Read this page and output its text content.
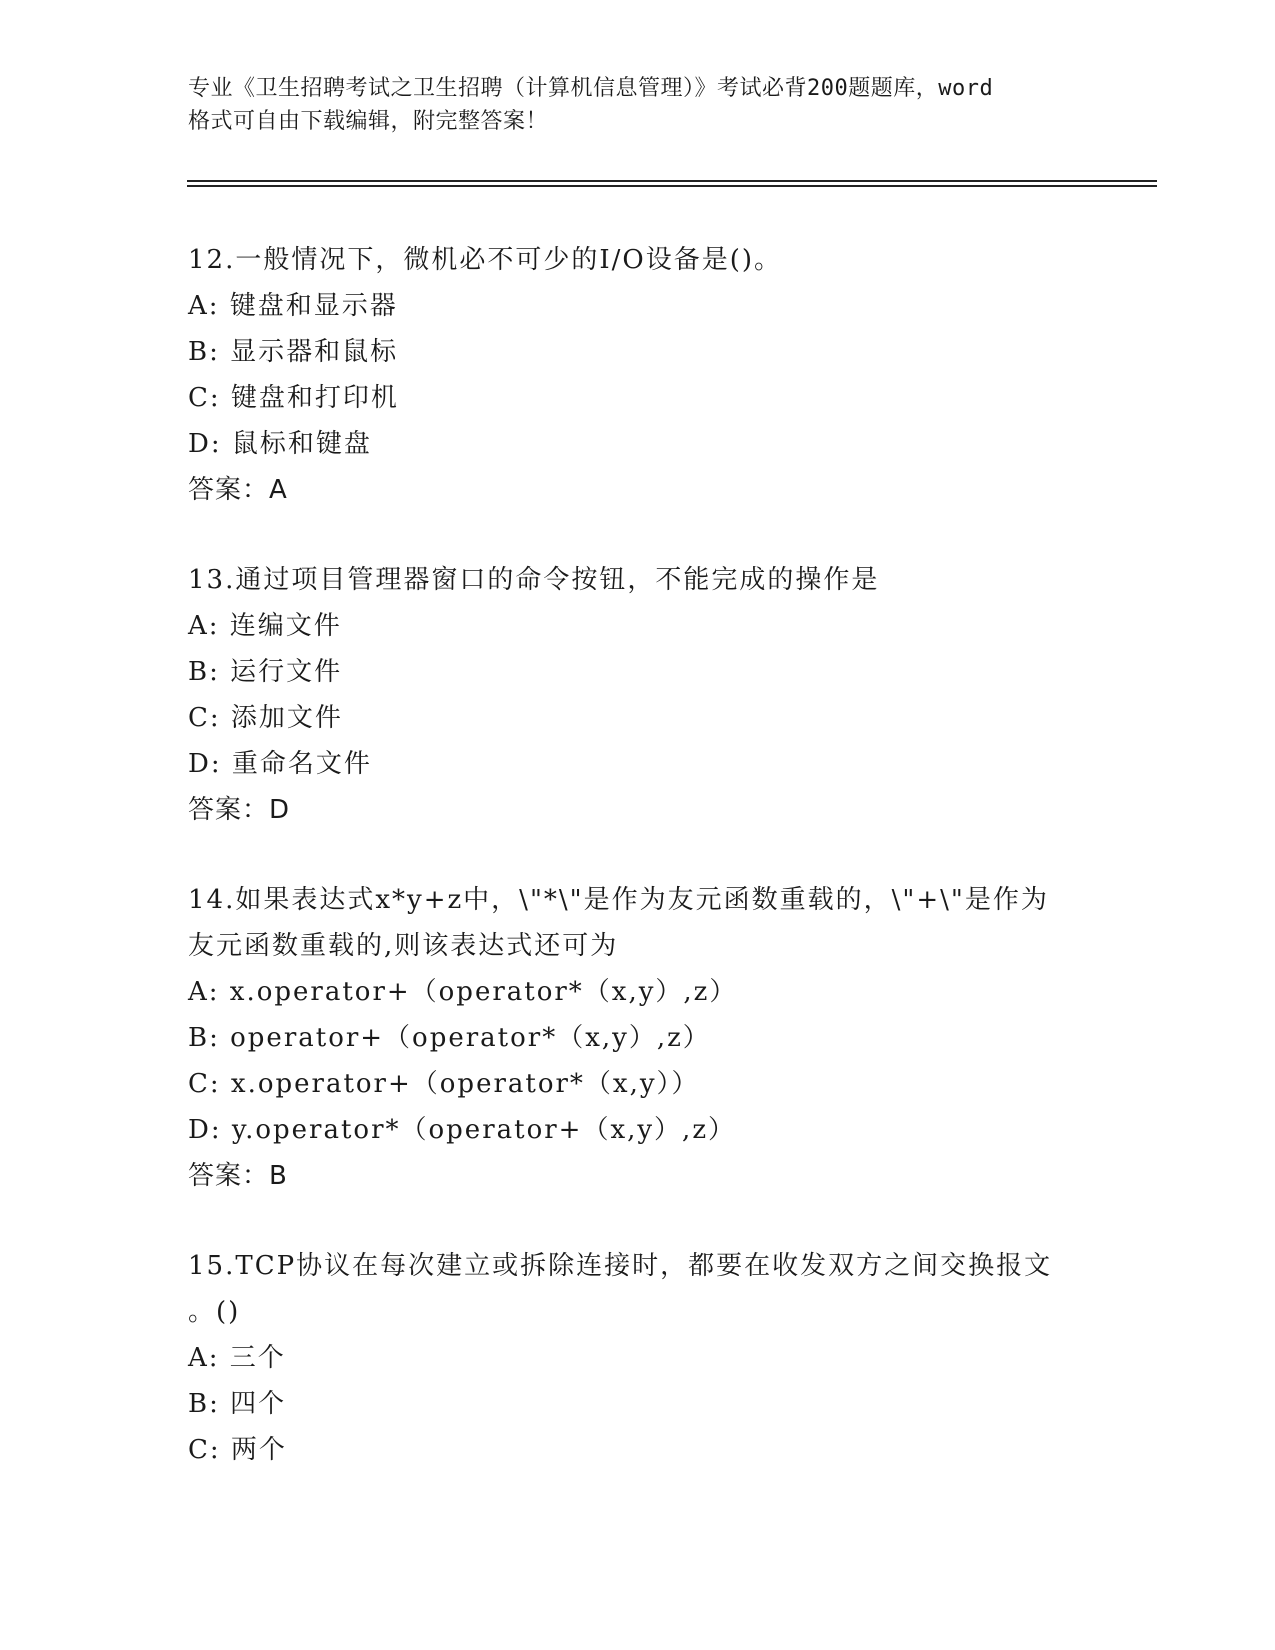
专业《卫生招聘考试之卫生招聘（计算机信息管理）》考试必背200题题库，word
格式可自由下载编辑，附完整答案！
12.一般情况下，微机必不可少的I/O设备是()。
A: 键盘和显示器
B: 显示器和鼠标
C: 键盘和打印机
D: 鼠标和键盘
答案：A
13.通过项目管理器窗口的命令按钮，不能完成的操作是
A: 连编文件
B: 运行文件
C: 添加文件
D: 重命名文件
答案：D
14.如果表达式x*y+z中，\"*\"是作为友元函数重载的，\"+\"是作为
友元函数重载的,则该表达式还可为
A: x.operator+（operator*（x,y）,z）
B: operator+（operator*（x,y）,z）
C: x.operator+（operator*（x,y））
D: y.operator*（operator+（x,y）,z）
答案：B
15.TCP协议在每次建立或拆除连接时，都要在收发双方之间交换报文
。()
A: 三个
B: 四个
C: 两个
